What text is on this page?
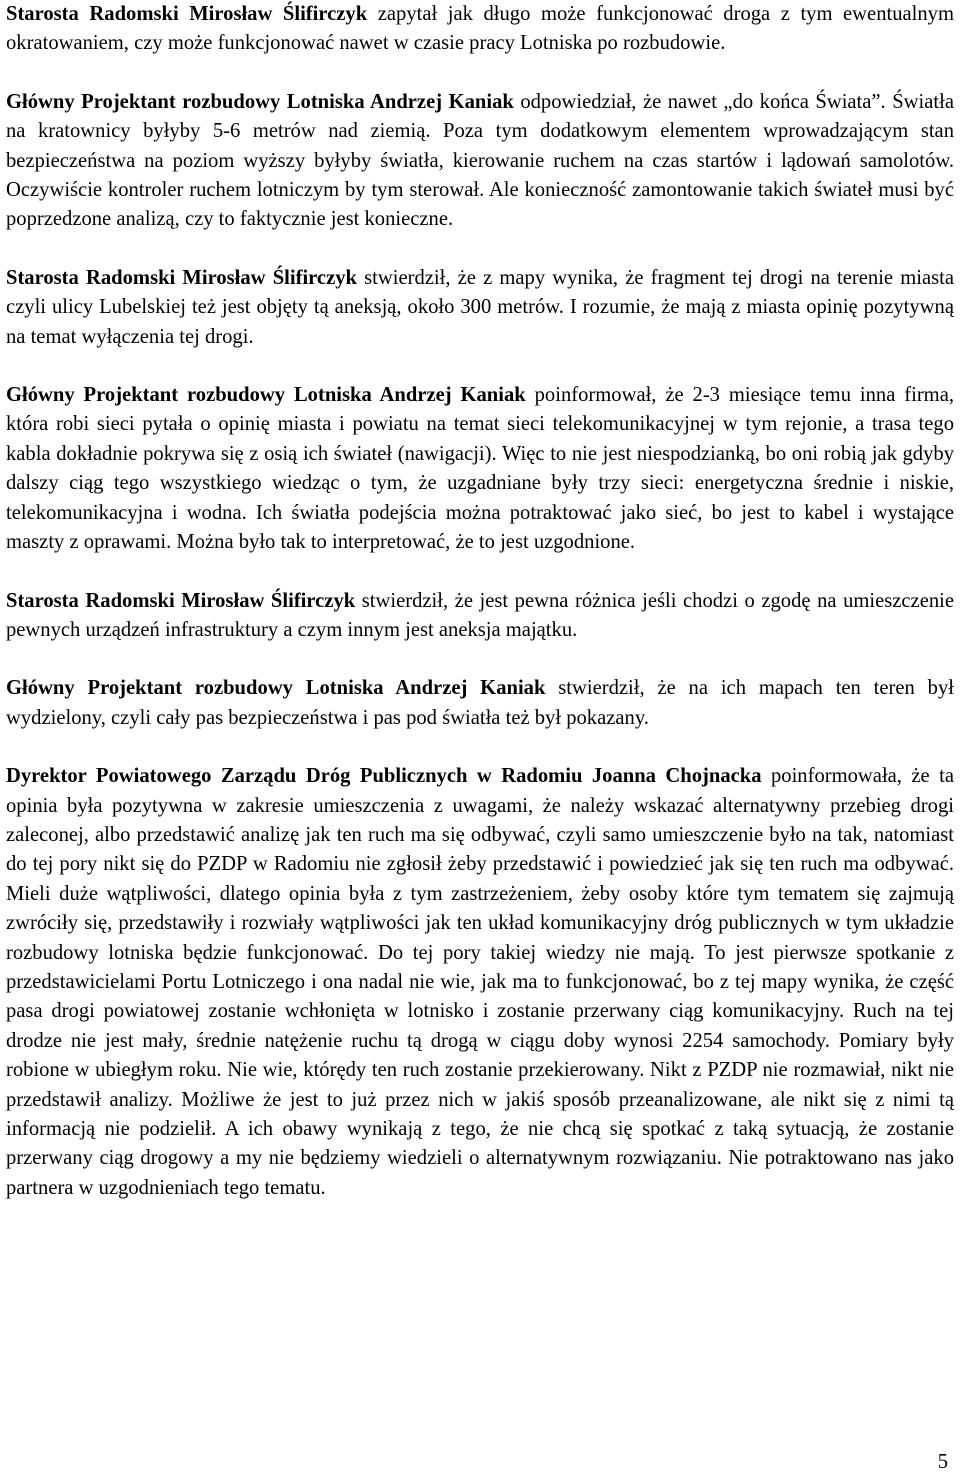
Starosta Radomski Mirosław Ślifirczyk zapytał jak długo może funkcjonować droga z tym ewentualnym okratowaniem, czy może funkcjonować nawet w czasie pracy Lotniska po rozbudowie.

Główny Projektant rozbudowy Lotniska Andrzej Kaniak odpowiedział, że nawet „do końca Świata”. Światła na kratownicy byłyby 5-6 metrów nad ziemią. Poza tym dodatkowym elementem wprowadzającym stan bezpieczeństwa na poziom wyższy byłyby światła, kierowanie ruchem na czas startów i lądowań samolotów. Oczywiście kontroler ruchem lotniczym by tym sterował. Ale konieczność zamontowanie takich świateł musi być poprzedzone analizą, czy to faktycznie jest konieczne.

Starosta Radomski Mirosław Ślifirczyk stwierdził, że z mapy wynika, że fragment tej drogi na terenie miasta czyli ulicy Lubelskiej też jest objęty tą aneksją, około 300 metrów. I rozumie, że mają z miasta opinię pozytywną na temat wyłączenia tej drogi.

Główny Projektant rozbudowy Lotniska Andrzej Kaniak poinformował, że 2-3 miesiące temu inna firma, która robi sieci pytała o opinię miasta i powiatu na temat sieci telekomunikacyjnej w tym rejonie, a trasa tego kabla dokładnie pokrywa się z osią ich świateł (nawigacji). Więc to nie jest niespodzianką, bo oni robią jak gdyby dalszy ciąg tego wszystkiego wiedząc o tym, że uzgadniane były trzy sieci: energetyczna średnie i niskie, telekomunikacyjna i wodna. Ich światła podejścia można potraktować jako sieć, bo jest to kabel i wystające maszty z oprawami. Można było tak to interpretować, że to jest uzgodnione.

Starosta Radomski Mirosław Ślifirczyk stwierdził, że jest pewna różnica jeśli chodzi o zgodę na umieszczenie pewnych urządzeń infrastruktury a czym innym jest aneksja majątku.

Główny Projektant rozbudowy Lotniska Andrzej Kaniak stwierdził, że na ich mapach ten teren był wydzielony, czyli cały pas bezpieczeństwa i pas pod światła też był pokazany.

Dyrektor Powiatowego Zarządu Dróg Publicznych w Radomiu Joanna Chojnacka poinformowała, że ta opinia była pozytywna w zakresie umieszczenia z uwagami, że należy wskazać alternatywny przebieg drogi zaleconej, albo przedstawić analizę jak ten ruch ma się odbywać, czyli samo umieszczenie było na tak, natomiast do tej pory nikt się do PZDP w Radomiu nie zgłosił żeby przedstawić i powiedzieć jak się ten ruch ma odbywać. Mieli duże wątpliwości, dlatego opinia była z tym zastrzeżeniem, żeby osoby które tym tematem się zajmują zwróciły się, przedstawiły i rozwiały wątpliwości jak ten układ komunikacyjny dróg publicznych w tym układzie rozbudowy lotniska będzie funkcjonować. Do tej pory takiej wiedzy nie mają. To jest pierwsze spotkanie z przedstawicielami Portu Lotniczego i ona nadal nie wie, jak ma to funkcjonować, bo z tej mapy wynika, że część pasa drogi powiatowej zostanie wchłonięta w lotnisko i zostanie przerwany ciąg komunikacyjny. Ruch na tej drodze nie jest mały, średnie natężenie ruchu tą drogą w ciągu doby wynosi 2254 samochody. Pomiary były robione w ubiegłym roku. Nie wie, którędy ten ruch zostanie przekierowany. Nikt z PZDP nie rozmawiał, nikt nie przedstawił analizy. Możliwe że jest to już przez nich w jakiś sposób przeanalizowane, ale nikt się z nimi tą informacją nie podzielił. A ich obawy wynikają z tego, że nie chcą się spotkać z taką sytuacją, że zostanie przerwany ciąg drogowy a my nie będziemy wiedzieli o alternatywnym rozwiązaniu. Nie potraktowano nas jako partnera w uzgodnieniach tego tematu.

5
